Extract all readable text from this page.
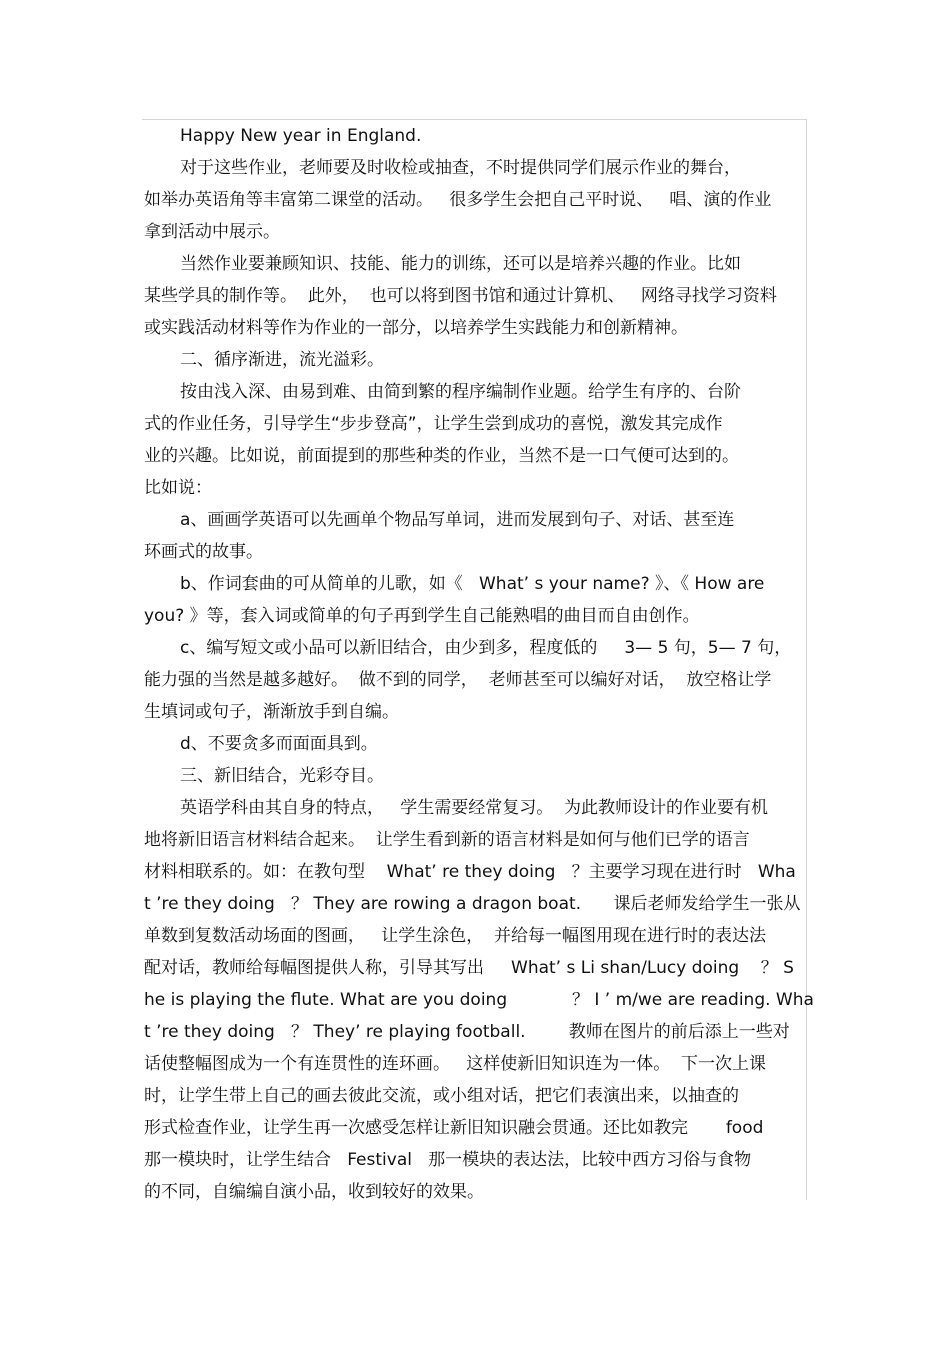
Happy New year in England.
对于这些作业，老师要及时收检或抽查，不时提供同学们展示作业的舞台，
如举办英语角等丰富第二课堂的活动。   很多学生会把自己平时说、   唱、演的作业
拿到活动中展示。
当然作业要兼顾知识、技能、能力的训练，还可以是培养兴趣的作业。比如
某些学具的制作等。  此外，  也可以将到图书馆和通过计算机、   网络寻找学习资料
或实践活动材料等作为作业的一部分，以培养学生实践能力和创新精神。
二、循序渐进，流光溢彩。
按由浅入深、由易到难、由简到繁的程序编制作业题。给学生有序的、台阶
式的作业任务，引导学生“步步登高”，让学生尝到成功的喜悦，激发其完成作
业的兴趣。比如说，前面提到的那些种类的作业，当然不是一口气便可达到的。
比如说：
a、画画学英语可以先画单个物品写单词，进而发展到句子、对话、甚至连
环画式的故事。
b、作词套曲的可从简单的儿歌，如《   What’ s your name? 》、《 How are
you? 》等，套入词或简单的句子再到学生自己能熟唱的曲目而自由创作。
c、编写短文或小品可以新旧结合，由少到多，程度低的     3— 5 句，5— 7 句，
能力强的当然是越多越好。  做不到的同学，  老师甚至可以编好对话，  放空格让学
生填词或句子，渐渐放手到自编。
d、不要贪多而面面具到。
三、新旧结合，光彩夺目。
英语学科由其自身的特点，   学生需要经常复习。  为此教师设计的作业要有机
地将新旧语言材料结合起来。  让学生看到新的语言材料是如何与他们已学的语言
材料相联系的。如：在教句型    What’ re they doing   ？主要学习现在进行时   Wha
t ’re they doing   ？ They are rowing a dragon boat.      课后老师发给学生一张从
单数到复数活动场面的图画，   让学生涂色，  并给每一幅图用现在进行时的表达法
配对话，教师给每幅图提供人称，引导其写出     What’ s Li shan/Lucy doing    ？ S
he is playing the flute. What are you doing            ？ I ’ m/we are reading. Wha
t ’re they doing   ？ They’ re playing football.        教师在图片的前后添上一些对
话使整幅图成为一个有连贯性的连环画。   这样使新旧知识连为一体。  下一次上课
时，让学生带上自己的画去彼此交流，或小组对话，把它们表演出来，以抽查的
形式检查作业，让学生再一次感受怎样让新旧知识融会贯通。还比如教完       food
那一模块时，让学生结合   Festival   那一模块的表达法，比较中西方习俗与食物
的不同，自编编自演小品，收到较好的效果。
